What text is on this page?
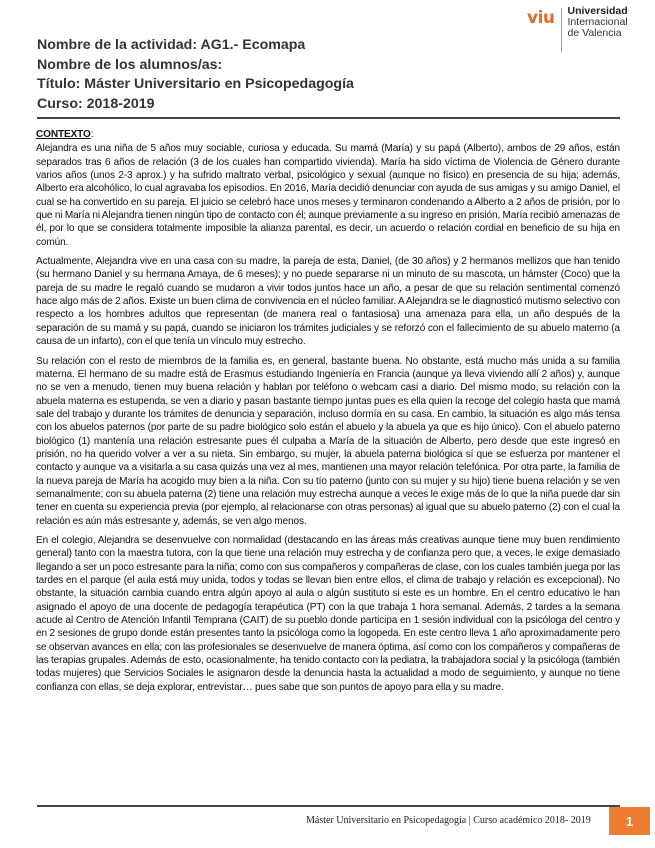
viu Universidad
Internacional
de Valencia
Nombre de la actividad: AG1.- Ecomapa
Nombre de los alumnos/as:
Título: Máster Universitario en Psicopedagogía
Curso: 2018-2019
CONTEXTO:

Alejandra es una niña de 5 años muy sociable, curiosa y educada. Su mamá (María) y su papá (Alberto), ambos de 29 años, están separados tras 6 años de relación (3 de los cuales han compartido vivienda). María ha sido víctima de Violencia de Género durante varios años (unos 2-3 aprox.) y ha sufrido maltrato verbal, psicológico y sexual (aunque no físico) en presencia de su hija; además, Alberto era alcohólico, lo cual agravaba los episodios. En 2016, María decidió denunciar con ayuda de sus amigas y su amigo Daniel, el cual se ha convertido en su pareja. El juicio se celebró hace unos meses y terminaron condenando a Alberto a 2 años de prisión, por lo que ni María ni Alejandra tienen ningún tipo de contacto con él; aunque previamente a su ingreso en prisión, María recibió amenazas de él, por lo que se considera totalmente imposible la alianza parental, es decir, un acuerdo o relación cordial en beneficio de su hija en común.

Actualmente, Alejandra vive en una casa con su madre, la pareja de esta, Daniel, (de 30 años) y 2 hermanos mellizos que han tenido (su hermano Daniel y su hermana Amaya, de 6 meses); y no puede separarse ni un minuto de su mascota, un hámster (Coco) que la pareja de su madre le regaló cuando se mudaron a vivir todos juntos hace un año, a pesar de que su relación sentimental comenzó hace algo más de 2 años. Existe un buen clima de convivencia en el núcleo familiar. A Alejandra se le diagnosticó mutismo selectivo con respecto a los hombres adultos que representan (de manera real o fantasiosa) una amenaza para ella, un año después de la separación de su mamá y su papá, cuando se iniciaron los trámites judiciales y se reforzó con el fallecimiento de su abuelo materno (a causa de un infarto), con el que tenía un vínculo muy estrecho.

Su relación con el resto de miembros de la familia es, en general, bastante buena. No obstante, está mucho más unida a su familia materna. El hermano de su madre está de Erasmus estudiando Ingeniería en Francia (aunque ya lleva viviendo allí 2 años) y, aunque no se ven a menudo, tienen muy buena relación y hablan por teléfono o webcam casi a diario. Del mismo modo, su relación con la abuela materna es estupenda, se ven a diario y pasan bastante tiempo juntas pues es ella quien la recoge del colegio hasta que mamá sale del trabajo y durante los trámites de denuncia y separación, incluso dormía en su casa. En cambio, la situación es algo más tensa con los abuelos paternos (por parte de su padre biológico solo están el abuelo y la abuela ya que es hijo único). Con el abuelo paterno biológico (1) mantenía una relación estresante pues él culpaba a María de la situación de Alberto, pero desde que este ingresó en prisión, no ha querido volver a ver a su nieta. Sin embargo, su mujer, la abuela paterna biológica sí que se esfuerza por mantener el contacto y aunque va a visitarla a su casa quizás una vez al mes, mantienen una mayor relación telefónica. Por otra parte, la familia de la nueva pareja de María ha acogido muy bien a la niña. Con su tío paterno (junto con su mujer y su hijo) tiene buena relación y se ven semanalmente; con su abuela paterna (2) tiene una relación muy estrecha aunque a veces le exige más de lo que la niña puede dar sin tener en cuenta su experiencia previa (por ejemplo, al relacionarse con otras personas) al igual que su abuelo paterno (2) con el cual la relación es aún más estresante y, además, se ven algo menos.

En el colegio, Alejandra se desenvuelve con normalidad (destacando en las áreas más creativas aunque tiene muy buen rendimiento general) tanto con la maestra tutora, con la que tiene una relación muy estrecha y de confianza pero que, a veces, le exige demasiado llegando a ser un poco estresante para la niña; como con sus compañeros y compañeras de clase, con los cuales también juega por las tardes en el parque (el aula está muy unida, todos y todas se llevan bien entre ellos, el clima de trabajo y relación es excepcional). No obstante, la situación cambia cuando entra algún apoyo al aula o algún sustituto si este es un hombre. En el centro educativo le han asignado el apoyo de una docente de pedagogía terapéutica (PT) con la que trabaja 1 hora semanal. Además, 2 tardes a la semana acude al Centro de Atención Infantil Temprana (CAIT) de su pueblo donde participa en 1 sesión individual con la psicóloga del centro y en 2 sesiones de grupo donde están presentes tanto la psicóloga como la logopeda. En este centro lleva 1 año aproximadamente pero se observan avances en ella; con las profesionales se desenvuelve de manera óptima, así como con los compañeros y compañeras de las terapias grupales. Además de esto, ocasionalmente, ha tenido contacto con la pediatra, la trabajadora social y la psicóloga (también todas mujeres) que Servicios Sociales le asignaron desde la denuncia hasta la actualidad a modo de seguimiento, y aunque no tiene confianza con ellas, se deja explorar, entrevistar… pues sabe que son puntos de apoyo para ella y su madre.

Máster Universitario en Psicopedagogía | Curso académico 2018- 2019	1
